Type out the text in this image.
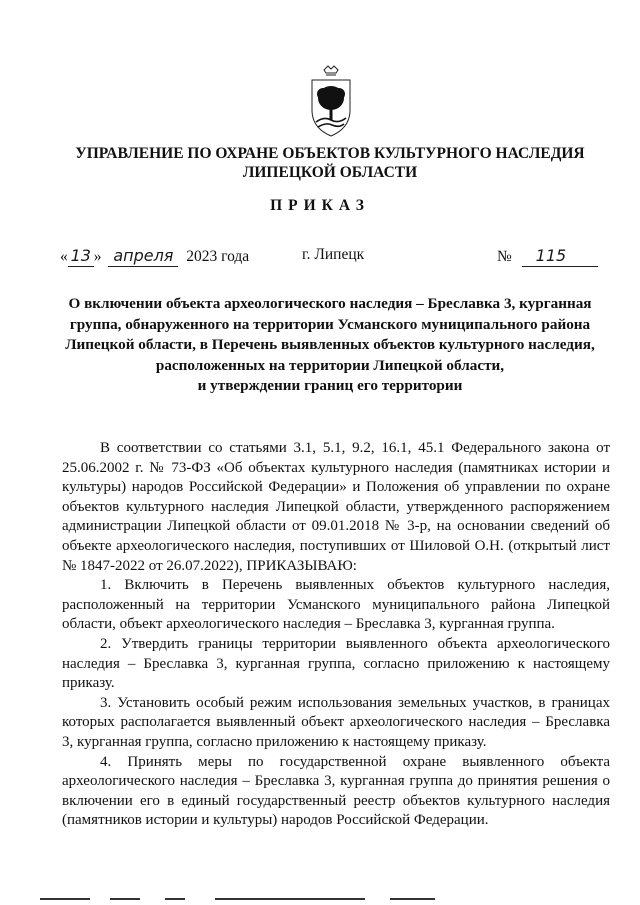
УПРАВЛЕНИЕ ПО ОХРАНЕ ОБЪЕКТОВ КУЛЬТУРНОГО НАСЛЕДИЯ
ЛИПЕЦКОЙ ОБЛАСТИ
ПРИКАЗ
« 13 » апреля 2023 года	г. Липецк	№ 115
О включении объекта археологического наследия – Бреславка 3, курганная
группа, обнаруженного на территории Усманского муниципального района
Липецкой области, в Перечень выявленных объектов культурного наследия,
расположенных на территории Липецкой области,
и утверждении границ его территории

В соответствии со статьями 3.1, 5.1, 9.2, 16.1, 45.1 Федерального закона от 25.06.2002 г. № 73-ФЗ «Об объектах культурного наследия (памятниках истории и культуры) народов Российской Федерации» и Положения об управлении по охране объектов культурного наследия Липецкой области, утвержденного распоряжением администрации Липецкой области от 09.01.2018 № 3-р, на основании сведений об объекте археологического наследия, поступивших от Шиловой О.Н. (открытый лист № 1847-2022 от 26.07.2022), ПРИКАЗЫВАЮ:

1. Включить в Перечень выявленных объектов культурного наследия, расположенный на территории Усманского муниципального района Липецкой области, объект археологического наследия – Бреславка 3, курганная группа.

2. Утвердить границы территории выявленного объекта археологического наследия – Бреславка 3, курганная группа, согласно приложению к настоящему приказу.

3. Установить особый режим использования земельных участков, в границах которых располагается выявленный объект археологического наследия – Бреславка 3, курганная группа, согласно приложению к настоящему приказу.

4. Принять меры по государственной охране выявленного объекта археологического наследия – Бреславка 3, курганная группа до принятия решения о включении его в единый государственный реестр объектов культурного наследия (памятников истории и культуры) народов Российской Федерации.
